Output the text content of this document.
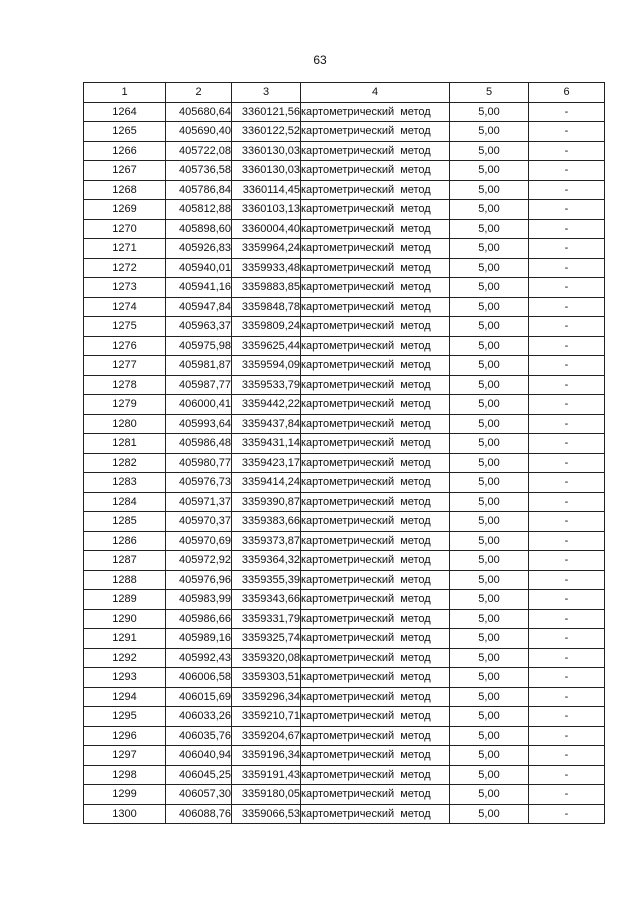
63
1	2	3	4	5	6
1264	405680,64	3360121,56	картометрический метод	5,00	-
1265	405690,40	3360122,52	картометрический метод	5,00	-
1266	405722,08	3360130,03	картометрический метод	5,00	-
1267	405736,58	3360130,03	картометрический метод	5,00	-
1268	405786,84	3360114,45	картометрический метод	5,00	-
1269	405812,88	3360103,13	картометрический метод	5,00	-
1270	405898,60	3360004,40	картометрический метод	5,00	-
1271	405926,83	3359964,24	картометрический метод	5,00	-
1272	405940,01	3359933,48	картометрический метод	5,00	-
1273	405941,16	3359883,85	картометрический метод	5,00	-
1274	405947,84	3359848,78	картометрический метод	5,00	-
1275	405963,37	3359809,24	картометрический метод	5,00	-
1276	405975,98	3359625,44	картометрический метод	5,00	-
1277	405981,87	3359594,09	картометрический метод	5,00	-
1278	405987,77	3359533,79	картометрический метод	5,00	-
1279	406000,41	3359442,22	картометрический метод	5,00	-
1280	405993,64	3359437,84	картометрический метод	5,00	-
1281	405986,48	3359431,14	картометрический метод	5,00	-
1282	405980,77	3359423,17	картометрический метод	5,00	-
1283	405976,73	3359414,24	картометрический метод	5,00	-
1284	405971,37	3359390,87	картометрический метод	5,00	-
1285	405970,37	3359383,66	картометрический метод	5,00	-
1286	405970,69	3359373,87	картометрический метод	5,00	-
1287	405972,92	3359364,32	картометрический метод	5,00	-
1288	405976,96	3359355,39	картометрический метод	5,00	-
1289	405983,99	3359343,66	картометрический метод	5,00	-
1290	405986,66	3359331,79	картометрический метод	5,00	-
1291	405989,16	3359325,74	картометрический метод	5,00	-
1292	405992,43	3359320,08	картометрический метод	5,00	-
1293	406006,58	3359303,51	картометрический метод	5,00	-
1294	406015,69	3359296,34	картометрический метод	5,00	-
1295	406033,26	3359210,71	картометрический метод	5,00	-
1296	406035,76	3359204,67	картометрический метод	5,00	-
1297	406040,94	3359196,34	картометрический метод	5,00	-
1298	406045,25	3359191,43	картометрический метод	5,00	-
1299	406057,30	3359180,05	картометрический метод	5,00	-
1300	406088,76	3359066,53	картометрический метод	5,00	-
